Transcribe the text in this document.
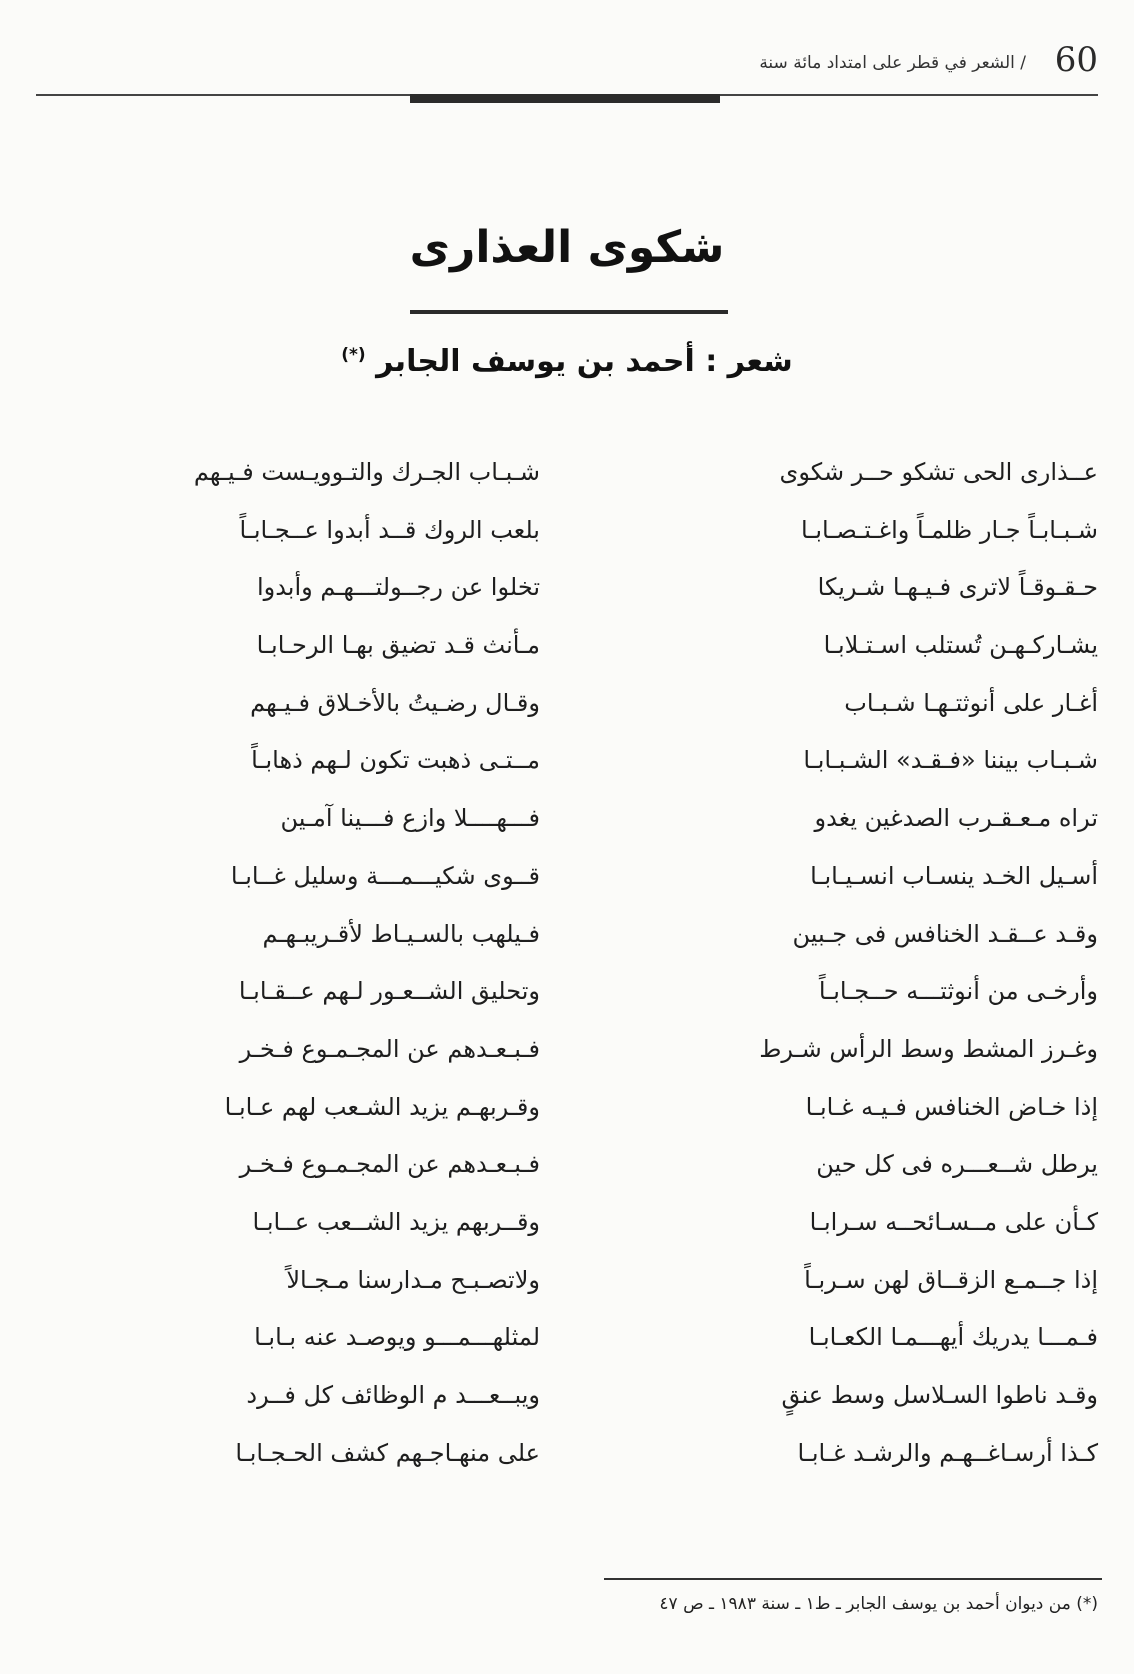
60
/ الشعر في قطر على امتداد مائة سنة
شكوى العذارى
شعر : أحمد بن يوسف الجابر (*)
عــذارى الحى تشكو حــر شكوى
شـبـاب الجـرك والتـوويـست فـيـهم
شـبـابـاً جـار ظلمـاً واغـتـصـابـا
بلعب الروك قــد أبدوا عــجـابـاً
حـقـوقـاً لاترى فـيـهـا شـريكا
تخلوا عن رجــولتـــهـم وأبدوا
يشـاركـهـن تُستلب اسـتـلابـا
مـأنث قـد تضيق بهـا الرحـابـا
أغـار على أنوثتـهـا شـبـاب
وقـال رضـيتُ بالأخـلاق فـيـهم
شـبـاب بيننا «فـقـد» الشـبـابـا
مــتـى ذهبت تكون لـهم ذهابـاً
تراه مـعـقـرب الصدغين يغدو
فـــهــــلا وازع فـــينا آمـين
أسـيل الخـد ينسـاب انسـيـابـا
قــوى شكيـــمـــة وسليل غــابـا
وقـد عــقـد الخنافس فى جـبين
فـيلهب بالسـيـاط لأقـريبـهـم
وأرخـى من أنوثتـــه حــجـابـاً
وتحليق الشــعـور لـهم عــقـابـا
وغـرز المشط وسط الرأس شـرط
فـبـعـدهم عن المجـمـوع فـخـر
إذا خـاض الخنافس فـيـه غـابـا
وقـربهـم يزيد الشـعب لهم عـابـا
يرطل شــعـــره فى كل حين
فـبـعـدهم عن المجـمـوع فـخـر
كـأن على مــسـائحــه سـرابـا
وقــربهم يزيد الشــعب عــابـا
إذا جــمـع الزقــاق لهن سـربـاً
ولاتصـبـح مـدارسنا مـجـالاً
فـمـــا يدريك أيهـــمـا الكعـابـا
لمثلهـــمـــو ويوصـد عنه بـابـا
وقـد ناطوا السـلاسل وسط عنقٍ
ويبــعـــد م الوظائف كل فــرد
كـذا أرسـاغــهـم والرشـد غـابـا
على منهـاجـهم كشف الحـجـابـا
(*) من ديوان أحمد بن يوسف الجابر ـ ط١ ـ سنة ١٩٨٣ ـ ص ٤٧
